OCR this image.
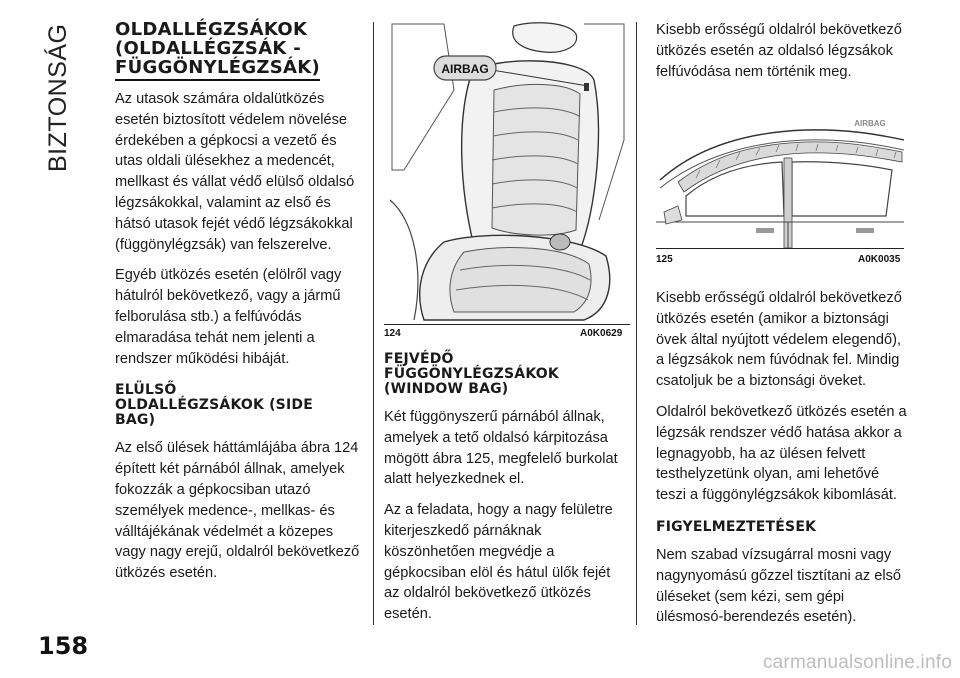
BIZTONSÁG OLDALLÉGZSÁKOK
(OLDALLÉGZSÁK -
FÜGGÖNYLÉGZSÁK)

Az utasok számára oldalütközés esetén biztosított védelem növelése érdekében a gépkocsi a vezető és utas oldali ülésekhez a medencét, mellkast és vállat védő elülső oldalsó légzsákokkal, valamint az első és hátsó utasok fejét védő légzsákokkal (függönylégzsák) van felszerelve.

Egyéb ütközés esetén (elölről vagy hátulról bekövetkező, vagy a jármű felborulása stb.) a felfúvódás elmaradása tehát nem jelenti a rendszer működési hibáját.

ELÜLSŐ
OLDALLÉGZSÁKOK (SIDE
BAG)

Az első ülések háttámlájába ábra 124 épített két párnából állnak, amelyek fokozzák a gépkocsiban utazó személyek medence-, mellkas- és válltájékának védelmét a közepes vagy nagy erejű, oldalról bekövetkező ütközés esetén.

AIRBAG
124	A0K0629
FEJVÉDŐ
FÜGGÖNYLÉGZSÁKOK
(WINDOW BAG)

Két függönyszerű párnából állnak, amelyek a tető oldalsó kárpitozása mögött ábra 125, megfelelő burkolat alatt helyezkednek el.

Az a feladata, hogy a nagy felületre kiterjeszkedő párnáknak köszönhetően megvédje a gépkocsiban elöl és hátul ülők fejét az oldalról bekövetkező ütközés esetén.

Kisebb erősségű oldalról bekövetkező ütközés esetén az oldalsó légzsákok felfúvódása nem történik meg.

AIRBAG
125	A0K0035

Kisebb erősségű oldalról bekövetkező ütközés esetén (amikor a biztonsági övek által nyújtott védelem elegendő), a légzsákok nem fúvódnak fel. Mindig csatoljuk be a biztonsági öveket.

Oldalról bekövetkező ütközés esetén a légzsák rendszer védő hatása akkor a legnagyobb, ha az ülésen felvett testhelyzetünk olyan, ami lehetővé teszi a függönylégzsákok kibomlását.

FIGYELMEZTETÉSEK

Nem szabad vízsugárral mosni vagy nagynyomású gőzzel tisztítani az első üléseket (sem kézi, sem gépi ülésmosó-berendezés esetén).

158
carmanualsonline.info
